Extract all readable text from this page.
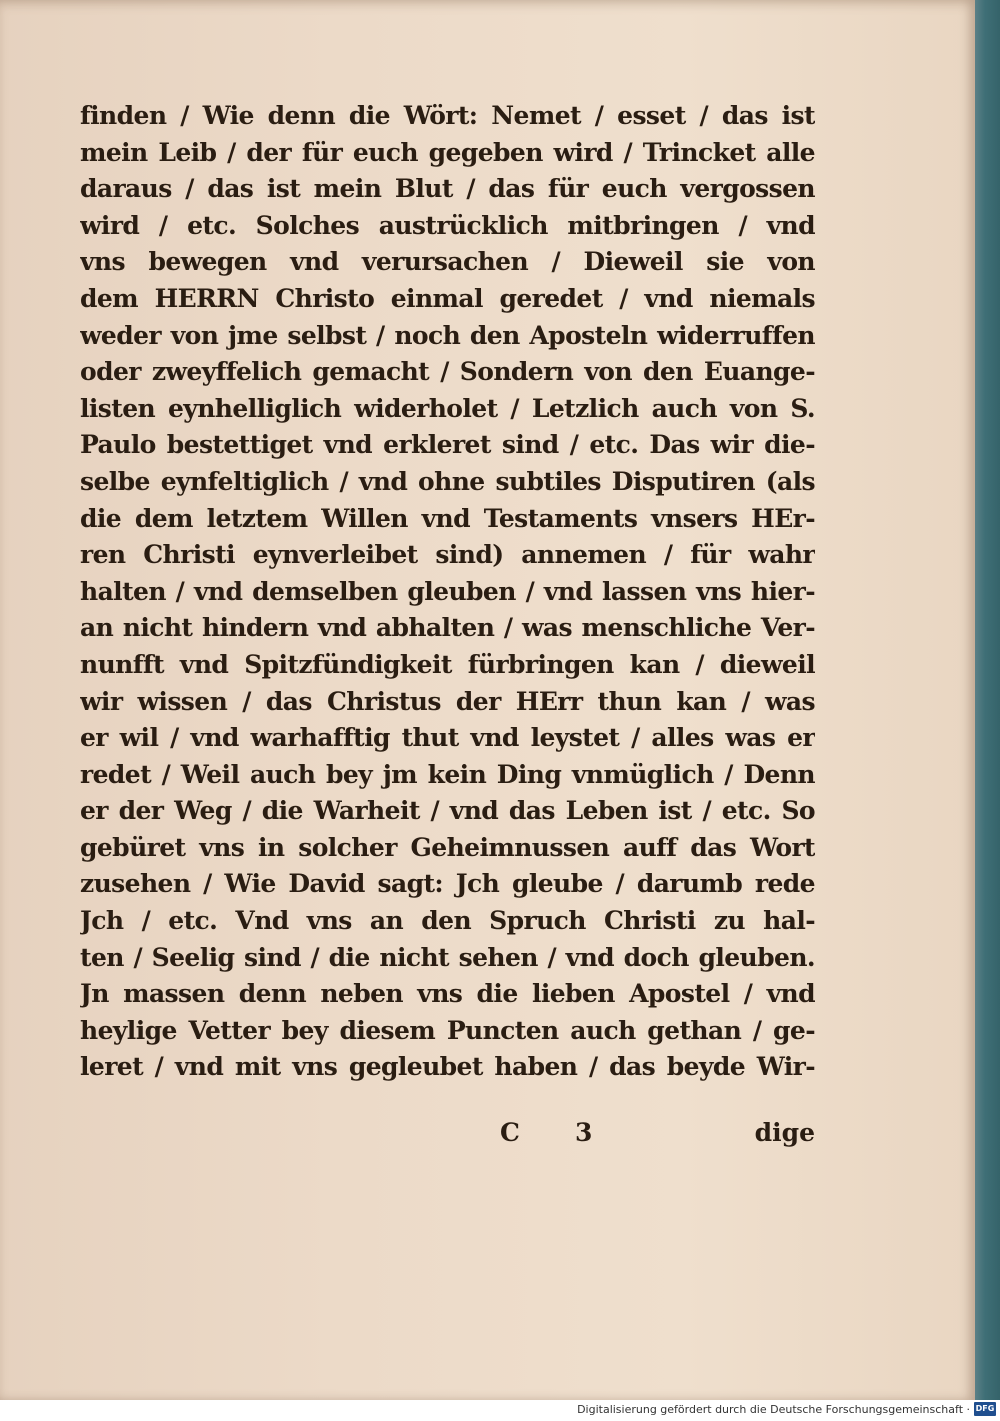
finden / Wie denn die Wört: Nemet / esset / das ist
mein Leib / der für euch gegeben wird / Trincket alle
daraus / das ist mein Blut / das für euch vergossen
wird / etc. Solches austrücklich mitbringen / vnd
vns bewegen vnd verursachen / Dieweil sie von
dem HERRN Christo einmal geredet / vnd niemals
weder von jme selbst / noch den Aposteln widerruffen
oder zweyffelich gemacht / Sondern von den Euange-
listen eynhelliglich widerholet / Letzlich auch von S.
Paulo bestettiget vnd erkleret sind / etc. Das wir die-
selbe eynfeltiglich / vnd ohne subtiles Disputiren (als
die dem letztem Willen vnd Testaments vnsers HEr-
ren Christi eynverleibet sind) annemen / für wahr
halten / vnd demselben gleuben / vnd lassen vns hier-
an nicht hindern vnd abhalten / was menschliche Ver-
nunfft vnd Spitzfündigkeit fürbringen kan / dieweil
wir wissen / das Christus der HErr thun kan / was
er wil / vnd warhafftig thut vnd leystet / alles was er
redet / Weil auch bey jm kein Ding vnmüglich / Denn
er der Weg / die Warheit / vnd das Leben ist / etc. So
gebüret vns in solcher Geheimnussen auff das Wort
zusehen / Wie David sagt: Jch gleube / darumb rede
Jch / etc. Vnd vns an den Spruch Christi zu hal-
ten / Seelig sind / die nicht sehen / vnd doch gleuben.
Jn massen denn neben vns die lieben Apostel / vnd
heylige Vetter bey diesem Puncten auch gethan / ge-
leret / vnd mit vns gegleubet haben / das beyde Wir-
C 3	dige
Digitalisierung gefördert durch die Deutsche Forschungsgemeinschaft · DFG
